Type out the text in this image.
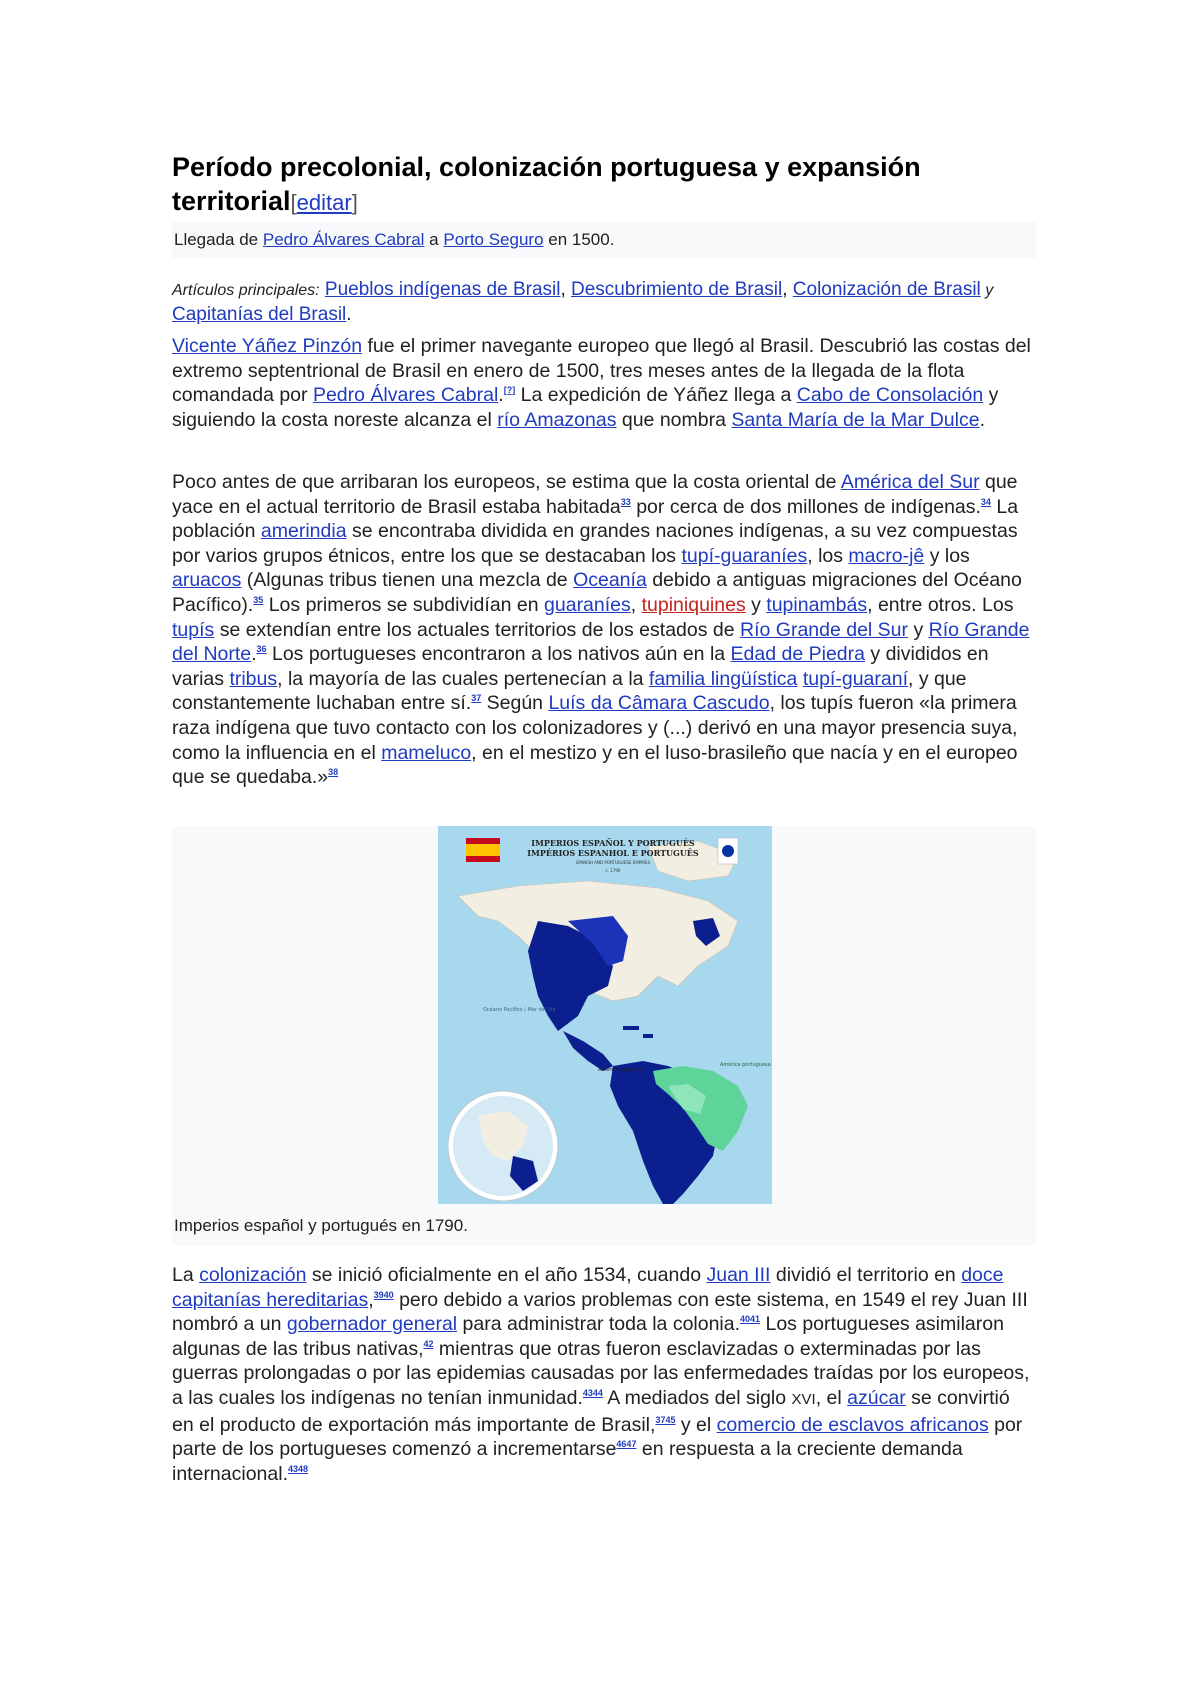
Período precolonial, colonización portuguesa y expansión territorial[editar]
Llegada de Pedro Álvares Cabral a Porto Seguro en 1500.
Artículos principales: Pueblos indígenas de Brasil, Descubrimiento de Brasil, Colonización de Brasil y Capitanías del Brasil.

Vicente Yáñez Pinzón fue el primer navegante europeo que llegó al Brasil. Descubrió las costas del extremo septentrional de Brasil en enero de 1500, tres meses antes de la llegada de la flota comandada por Pedro Álvares Cabral.[?] La expedición de Yáñez llega a Cabo de Consolación y siguiendo la costa noreste alcanza el río Amazonas que nombra Santa María de la Mar Dulce.

Poco antes de que arribaran los europeos, se estima que la costa oriental de América del Sur que yace en el actual territorio de Brasil estaba habitada$^{33}$ por cerca de dos millones de indígenas.$^{34}$ La población amerindia se encontraba dividida en grandes naciones indígenas, a su vez compuestas por varios grupos étnicos, entre los que se destacaban los tupí-guaraníes, los macro-jê y los aruacos (Algunas tribus tienen una mezcla de Oceanía debido a antiguas migraciones del Océano Pacífico).$^{35}$ Los primeros se subdividían en guaraníes, tupiniquines y tupinambás, entre otros. Los tupís se extendían entre los actuales territorios de los estados de Río Grande del Sur y Río Grande del Norte.$^{36}$ Los portugueses encontraron a los nativos aún en la Edad de Piedra y divididos en varias tribus, la mayoría de las cuales pertenecían a la familia lingüística tupí-guaraní, y que constantemente luchaban entre sí.$^{37}$ Según Luís da Câmara Cascudo, los tupís fueron «la primera raza indígena que tuvo contacto con los colonizadores y (...) derivó en una mayor presencia suya, como la influencia en el mameluco, en el mestizo y en el luso-brasileño que nacía y en el europeo que se quedaba.»$^{38}$

IMPERIOS ESPAÑOL Y PORTUGUÉS
IMPÉRIOS ESPANHOL E PORTUGUÊS
SPANISH AND PORTUGUESE EMPIRES
c. 1790
Océano Pacífico / Mar del Sur
América española
América portuguesa
Imperios español y portugués en 1790.

La colonización se inició oficialmente en el año 1534, cuando Juan III dividió el territorio en doce capitanías hereditarias,$^{3940}$ pero debido a varios problemas con este sistema, en 1549 el rey Juan III nombró a un gobernador general para administrar toda la colonia.$^{4041}$ Los portugueses asimilaron algunas de las tribus nativas,$^{42}$ mientras que otras fueron esclavizadas o exterminadas por las guerras prolongadas o por las epidemias causadas por las enfermedades traídas por los europeos, a las cuales los indígenas no tenían inmunidad.$^{4344}$ A mediados del siglo XVI, el azúcar se convirtió en el producto de exportación más importante de Brasil,$^{3745}$ y el comercio de esclavos africanos por parte de los portugueses comenzó a incrementarse$^{4647}$ en respuesta a la creciente demanda internacional.$^{4348}$
